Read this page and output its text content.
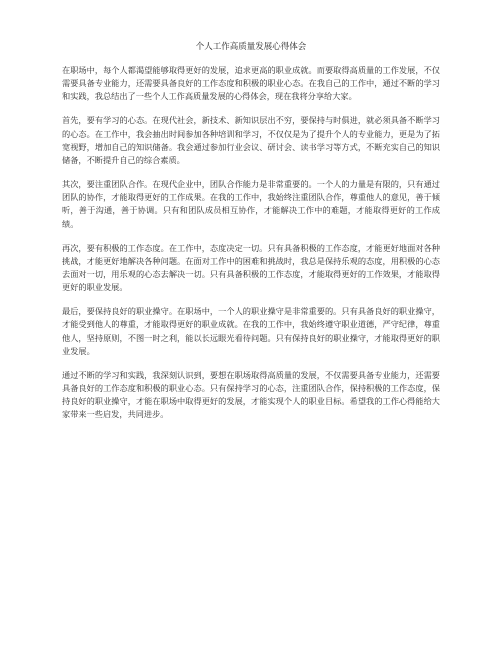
个人工作高质量发展心得体会

在职场中，每个人都渴望能够取得更好的发展，追求更高的职业成就。而要取得高质量的工作发展，不仅需要具备专业能力，还需要具备良好的工作态度和积极的职业心态。在我自己的工作中，通过不断的学习和实践，我总结出了一些个人工作高质量发展的心得体会，现在我将分享给大家。

首先，要有学习的心态。在现代社会，新技术、新知识层出不穷，要保持与时俱进，就必须具备不断学习的心态。在工作中，我会抽出时间参加各种培训和学习，不仅仅是为了提升个人的专业能力，更是为了拓宽视野，增加自己的知识储备。我会通过参加行业会议、研讨会、读书学习等方式，不断充实自己的知识储备，不断提升自己的综合素质。

其次，要注重团队合作。在现代企业中，团队合作能力是非常重要的。一个人的力量是有限的，只有通过团队的协作，才能取得更好的工作成果。在我的工作中，我始终注重团队合作，尊重他人的意见，善于倾听，善于沟通，善于协调。只有和团队成员相互协作，才能解决工作中的难题，才能取得更好的工作成绩。

再次，要有积极的工作态度。在工作中，态度决定一切。只有具备积极的工作态度，才能更好地面对各种挑战，才能更好地解决各种问题。在面对工作中的困难和挑战时，我总是保持乐观的态度，用积极的心态去面对一切，用乐观的心态去解决一切。只有具备积极的工作态度，才能取得更好的工作效果，才能取得更好的职业发展。

最后，要保持良好的职业操守。在职场中，一个人的职业操守是非常重要的。只有具备良好的职业操守，才能受到他人的尊重，才能取得更好的职业成就。在我的工作中，我始终遵守职业道德，严守纪律，尊重他人，坚持原则，不图一时之利，能以长远眼光看待问题。只有保持良好的职业操守，才能取得更好的职业发展。

通过不断的学习和实践，我深刻认识到，要想在职场取得高质量的发展，不仅需要具备专业能力，还需要具备良好的工作态度和积极的职业心态。只有保持学习的心态，注重团队合作，保持积极的工作态度，保持良好的职业操守，才能在职场中取得更好的发展，才能实现个人的职业目标。希望我的工作心得能给大家带来一些启发，共同进步。
